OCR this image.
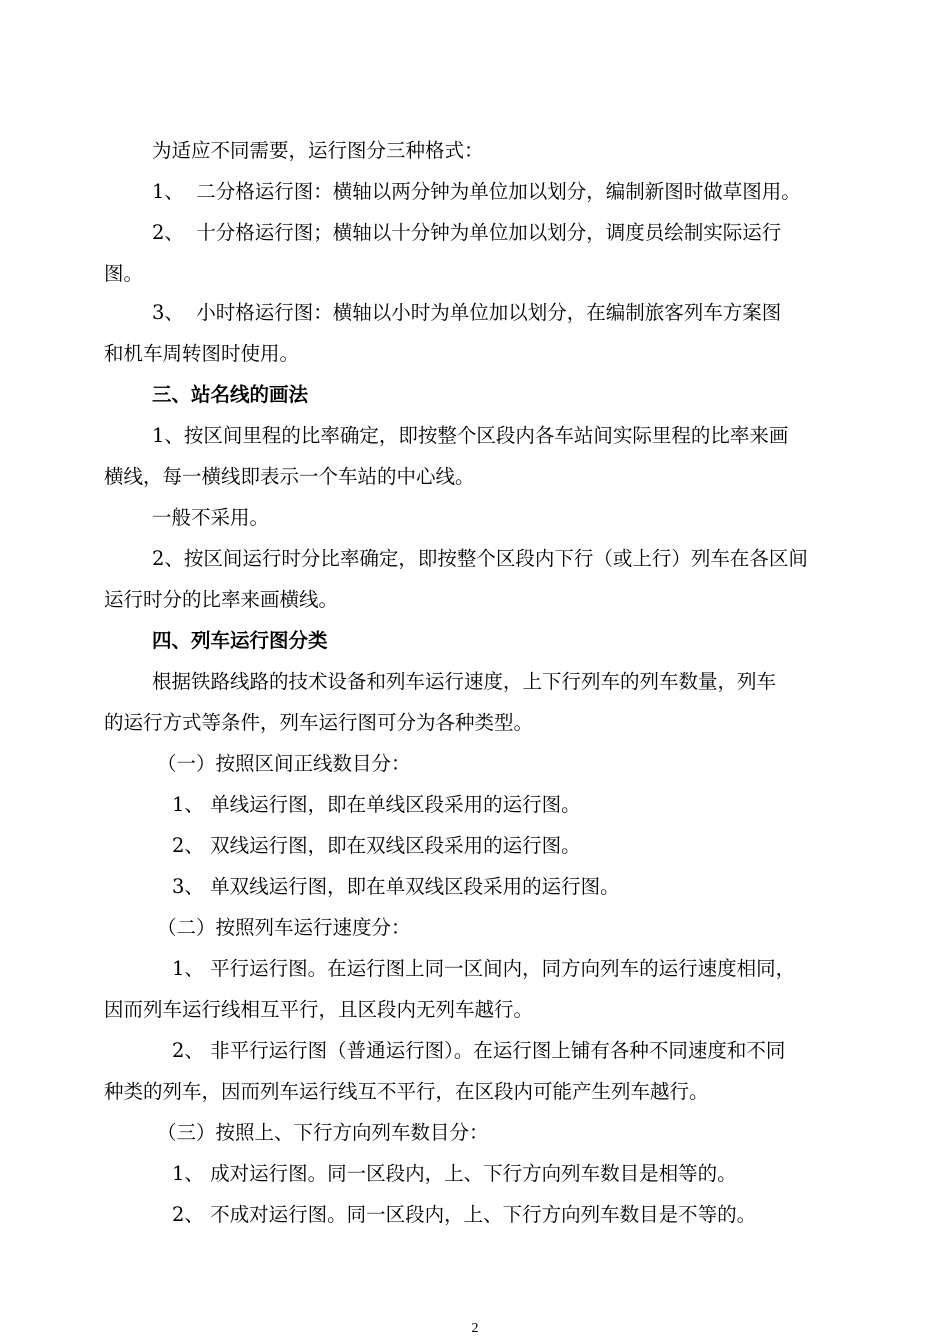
为适应不同需要，运行图分三种格式：
1、  二分格运行图：横轴以两分钟为单位加以划分，编制新图时做草图用。
2、  十分格运行图；横轴以十分钟为单位加以划分，调度员绘制实际运行
图。
3、  小时格运行图：横轴以小时为单位加以划分，在编制旅客列车方案图
和机车周转图时使用。
三、站名线的画法
1、按区间里程的比率确定，即按整个区段内各车站间实际里程的比率来画
横线，每一横线即表示一个车站的中心线。
一般不采用。
2、按区间运行时分比率确定，即按整个区段内下行（或上行）列车在各区间
运行时分的比率来画横线。
四、列车运行图分类
根据铁路线路的技术设备和列车运行速度，上下行列车的列车数量，列车
的运行方式等条件，列车运行图可分为各种类型。
（一）按照区间正线数目分：
1、 单线运行图，即在单线区段采用的运行图。
2、 双线运行图，即在双线区段采用的运行图。
3、 单双线运行图，即在单双线区段采用的运行图。
（二）按照列车运行速度分：
1、 平行运行图。在运行图上同一区间内，同方向列车的运行速度相同，
因而列车运行线相互平行，且区段内无列车越行。
2、 非平行运行图（普通运行图）。在运行图上铺有各种不同速度和不同
种类的列车，因而列车运行线互不平行，在区段内可能产生列车越行。
（三）按照上、下行方向列车数目分：
1、 成对运行图。同一区段内，上、下行方向列车数目是相等的。
2、 不成对运行图。同一区段内，上、下行方向列车数目是不等的。
2
